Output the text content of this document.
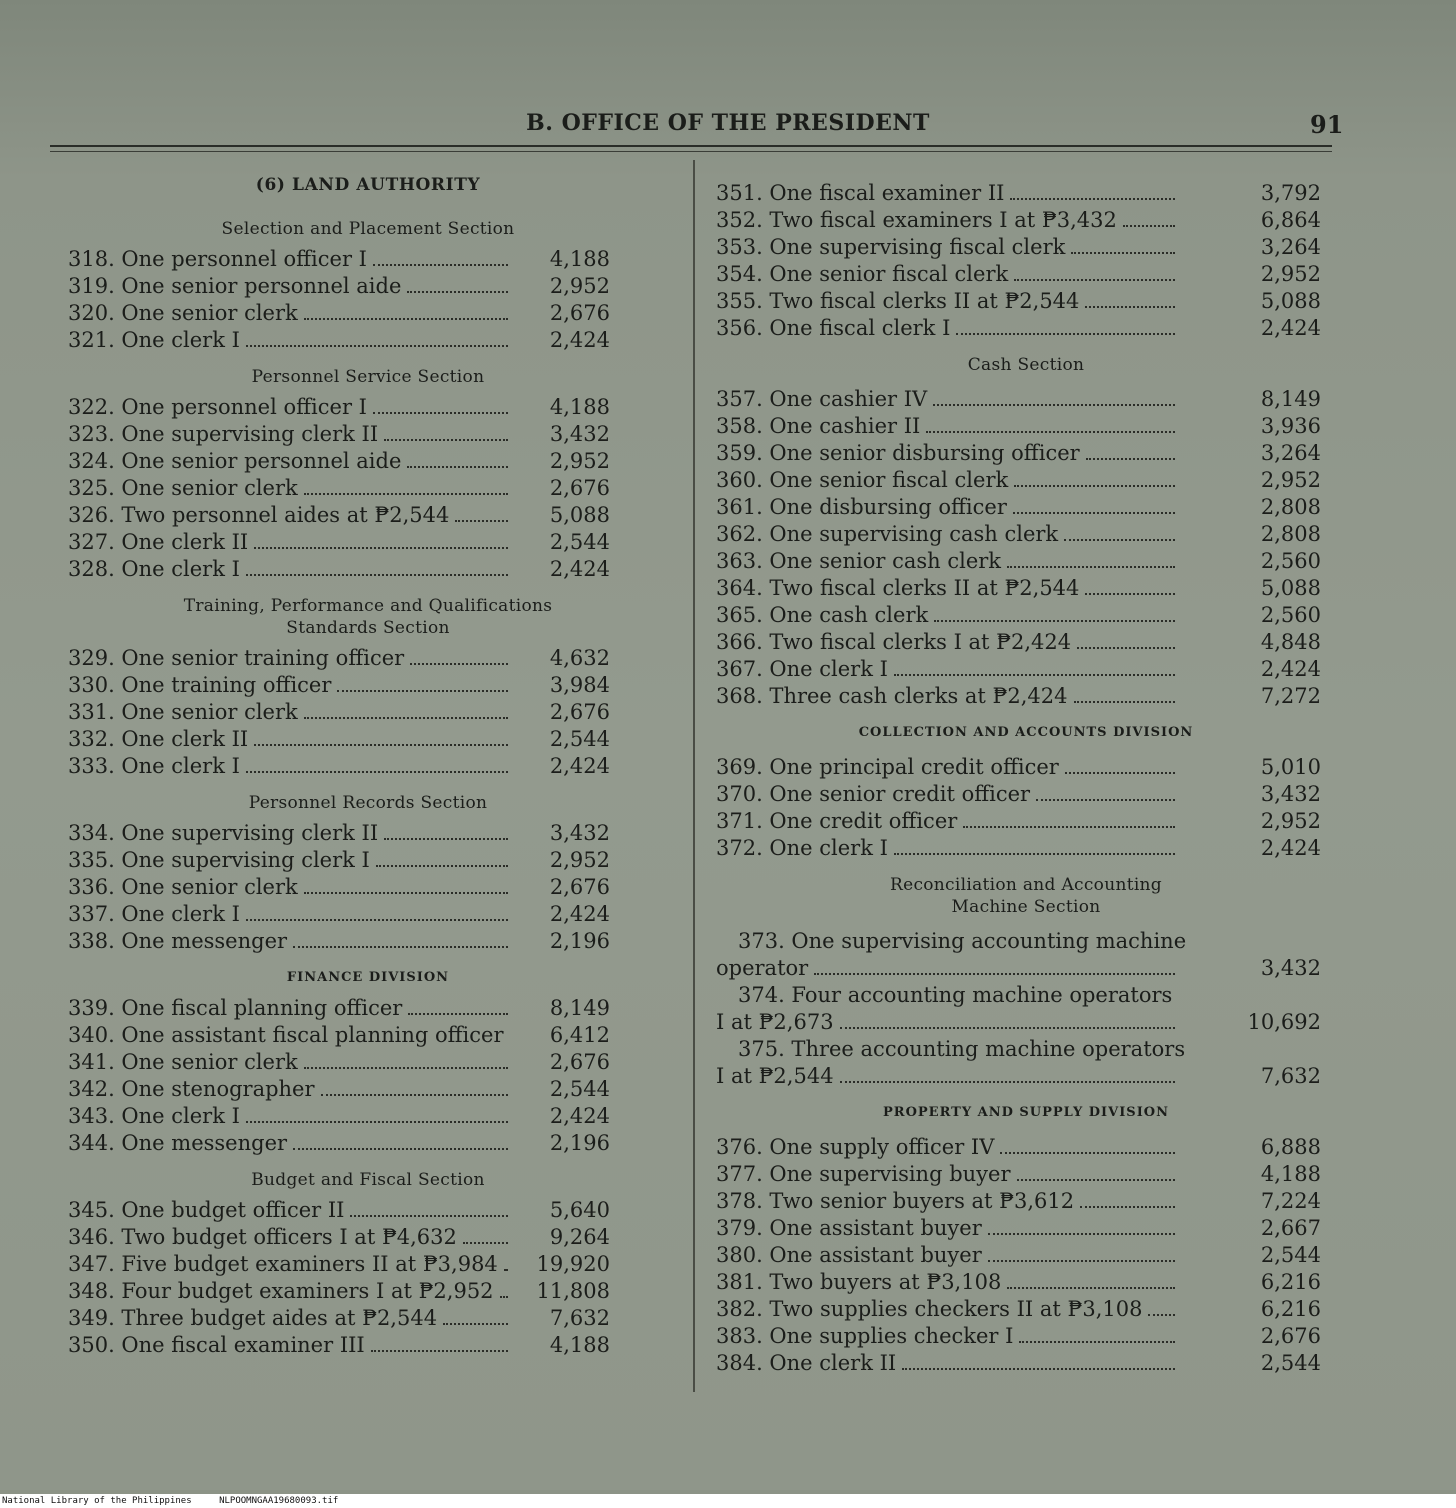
B. OFFICE OF THE PRESIDENT	91
(6) LAND AUTHORITY
Selection and Placement Section
318. One personnel officer I	4,188
319. One senior personnel aide	2,952
320. One senior clerk	2,676
321. One clerk I	2,424
Personnel Service Section
322. One personnel officer I	4,188
323. One supervising clerk II	3,432
324. One senior personnel aide	2,952
325. One senior clerk	2,676
326. Two personnel aides at ₱2,544	5,088
327. One clerk II	2,544
328. One clerk I	2,424
Training, Performance and Qualifications
Standards Section
329. One senior training officer	4,632
330. One training officer	3,984
331. One senior clerk	2,676
332. One clerk II	2,544
333. One clerk I	2,424
Personnel Records Section
334. One supervising clerk II	3,432
335. One supervising clerk I	2,952
336. One senior clerk	2,676
337. One clerk I	2,424
338. One messenger	2,196
FINANCE DIVISION
339. One fiscal planning officer	8,149
340. One assistant fiscal planning officer	6,412
341. One senior clerk	2,676
342. One stenographer	2,544
343. One clerk I	2,424
344. One messenger	2,196
Budget and Fiscal Section
345. One budget officer II	5,640
346. Two budget officers I at ₱4,632	9,264
347. Five budget examiners II at ₱3,984	19,920
348. Four budget examiners I at ₱2,952	11,808
349. Three budget aides at ₱2,544	7,632
350. One fiscal examiner III	4,188
351. One fiscal examiner II	3,792
352. Two fiscal examiners I at ₱3,432	6,864
353. One supervising fiscal clerk	3,264
354. One senior fiscal clerk	2,952
355. Two fiscal clerks II at ₱2,544	5,088
356. One fiscal clerk I	2,424
Cash Section
357. One cashier IV	8,149
358. One cashier II	3,936
359. One senior disbursing officer	3,264
360. One senior fiscal clerk	2,952
361. One disbursing officer	2,808
362. One supervising cash clerk	2,808
363. One senior cash clerk	2,560
364. Two fiscal clerks II at ₱2,544	5,088
365. One cash clerk	2,560
366. Two fiscal clerks I at ₱2,424	4,848
367. One clerk I	2,424
368. Three cash clerks at ₱2,424	7,272
COLLECTION AND ACCOUNTS DIVISION
369. One principal credit officer	5,010
370. One senior credit officer	3,432
371. One credit officer	2,952
372. One clerk I	2,424
Reconciliation and Accounting
Machine Section
373. One supervising accounting machine
operator	3,432
374. Four accounting machine operators
I at ₱2,673	10,692
375. Three accounting machine operators
I at ₱2,544	7,632
PROPERTY AND SUPPLY DIVISION
376. One supply officer IV	6,888
377. One supervising buyer	4,188
378. Two senior buyers at ₱3,612	7,224
379. One assistant buyer	2,667
380. One assistant buyer	2,544
381. Two buyers at ₱3,108	6,216
382. Two supplies checkers II at ₱3,108	6,216
383. One supplies checker I	2,676
384. One clerk II	2,544
National Library of the Philippines	NLPOOMNGAA19680093.tif
